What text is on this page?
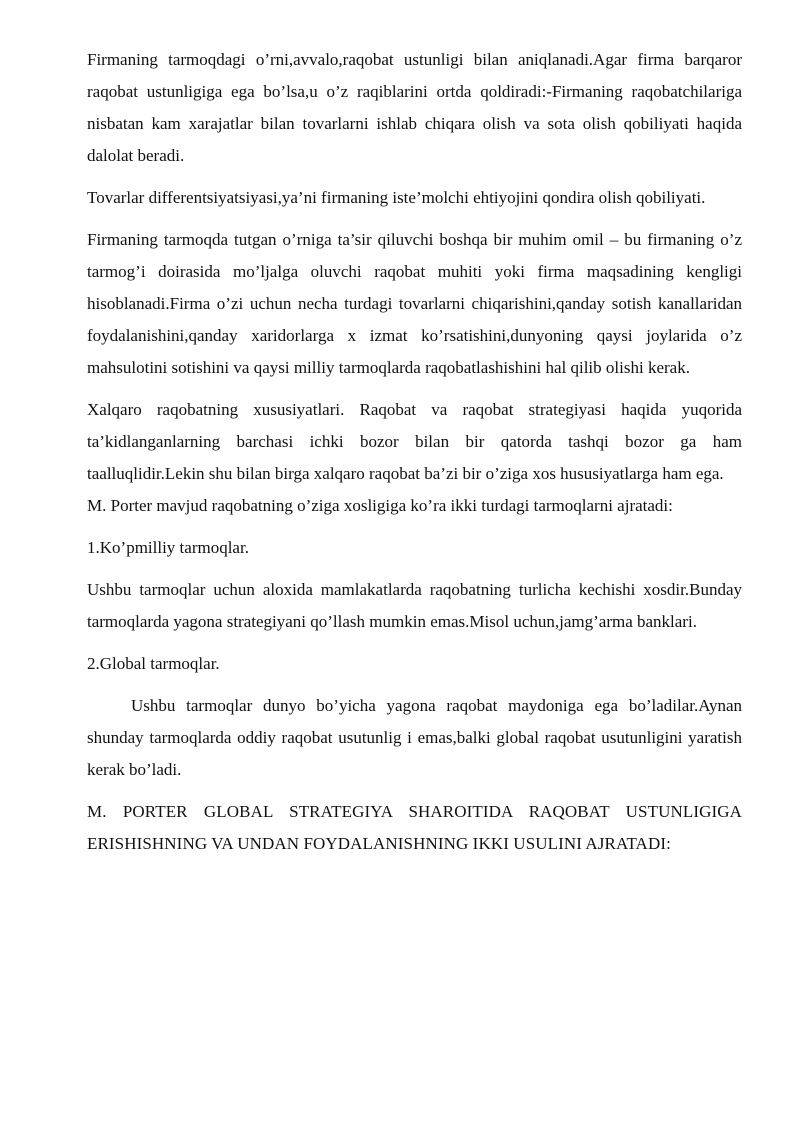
Firmaning tarmoqdagi o’rni,avvalo,raqobat ustunligi bilan aniqlanadi.Agar firma barqaror raqobat ustunligiga ega bo’lsa,u o’z raqiblarini ortda qoldiradi:-Firmaning raqobatchilariga nisbatan kam xarajatlar bilan tovarlarni ishlab chiqara olish va sota olish qobiliyati haqida dalolat beradi.

Tovarlar differentsiyatsiyasi,ya’ni firmaning iste’molchi ehtiyojini qondira olish qobiliyati.

Firmaning tarmoqda tutgan o’rniga ta’sir qiluvchi boshqa bir muhim omil – bu firmaning o’z tarmog’i doirasida mo’ljalga oluvchi raqobat muhiti yoki firma maqsadining kengligi hisoblanadi.Firma o’zi uchun necha turdagi tovarlarni chiqarishini,qanday sotish kanallaridan foydalanishini,qanday xaridorlarga x izmat ko’rsatishini,dunyoning qaysi joylarida o’z mahsulotini sotishini va qaysi milliy tarmoqlarda raqobatlashishini hal qilib olishi kerak.

Xalqaro raqobatning xususiyatlari. Raqobat va raqobat strategiyasi haqida yuqorida ta’kidlanganlarning barchasi ichki bozor bilan bir qatorda tashqi bozor ga ham taalluqlidir.Lekin shu bilan birga xalqaro raqobat ba’zi bir o’ziga xos hususiyatlarga ham ega.

M. Porter mavjud raqobatning o’ziga xosligiga ko’ra ikki turdagi tarmoqlarni ajratadi:

1.Ko’pmilliy tarmoqlar.

Ushbu tarmoqlar uchun aloxida mamlakatlarda raqobatning turlicha kechishi xosdir.Bunday tarmoqlarda yagona strategiyani qo’llash mumkin emas.Misol uchun,jamg’arma banklari.

2.Global tarmoqlar.

Ushbu tarmoqlar dunyo bo’yicha yagona raqobat maydoniga ega bo’ladilar.Aynan shunday tarmoqlarda oddiy raqobat usutunlig i emas,balki global raqobat usutunligini yaratish kerak bo’ladi.

M. PORTER GLOBAL STRATEGIYA SHAROITIDA RAQOBAT USTUNLIGIGA ERISHISHNING VA UNDAN FOYDALANISHNING IKKI USULINI AJRATADI:
